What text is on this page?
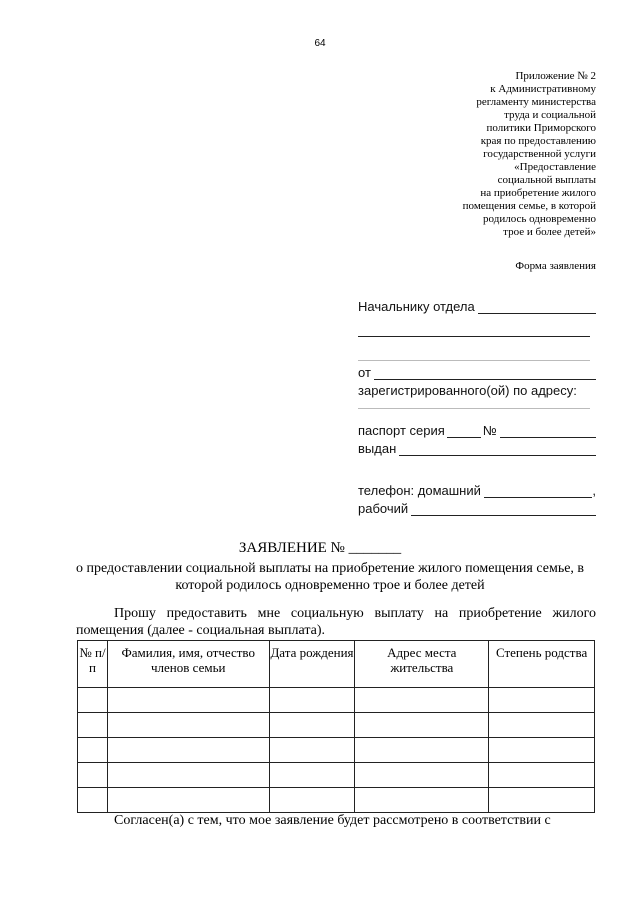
64
Приложение № 2
к Административному
регламенту министерства
труда и социальной
политики Приморского
края по предоставлению
государственной услуги
«Предоставление
социальной выплаты
на приобретение жилого
помещения семье, в которой
родилось одновременно
трое и более детей»
Форма заявления
Начальнику отдела
от
зарегистрированного(ой) по адресу:
паспорт серия	№
выдан
телефон: домашний	,
рабочий
ЗАЯВЛЕНИЕ № _______
о предоставлении социальной выплаты на приобретение жилого помещения семье, в которой родилось одновременно трое и более детей
Прошу предоставить мне социальную выплату на приобретение жилого помещения (далее - социальная выплата).
№ п/п	Фамилия, имя, отчество членов семьи	Дата рождения	Адрес места жительства	Степень родства

Согласен(а) с тем, что мое заявление будет рассмотрено в соответствии с
